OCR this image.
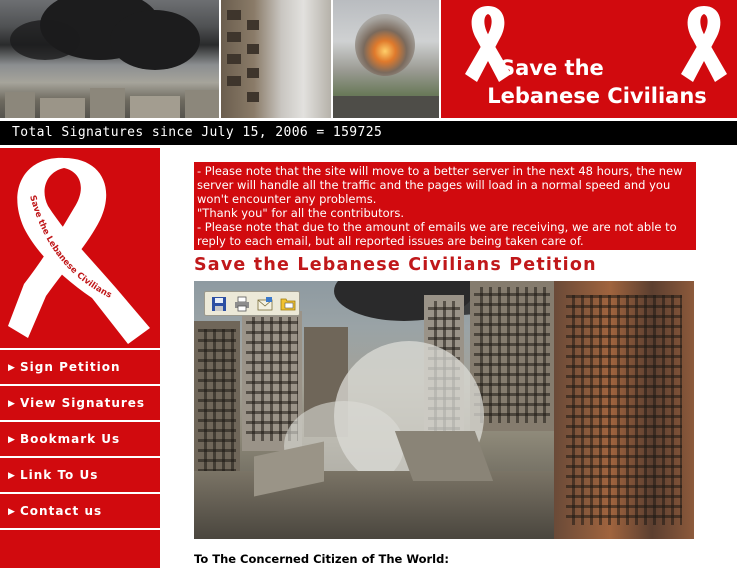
Save the
Lebanese Civilians
Total Signatures since July 15, 2006 = 159725
Save the Lebanese Civilians
▶ Sign Petition
▶ View Signatures
▶ Bookmark Us
▶ Link To Us
▶ Contact us

- Please note that the site will move to a better server in the next 48 hours, the new server will handle all the traffic and the pages will load in a normal speed and you won't encounter any problems.

"Thank you" for all the contributors.

- Please note that due to the amount of emails we are receiving, we are not able to reply to each email, but all reported issues are being taken care of.

Save the Lebanese Civilians Petition
To The Concerned Citizen of The World:
